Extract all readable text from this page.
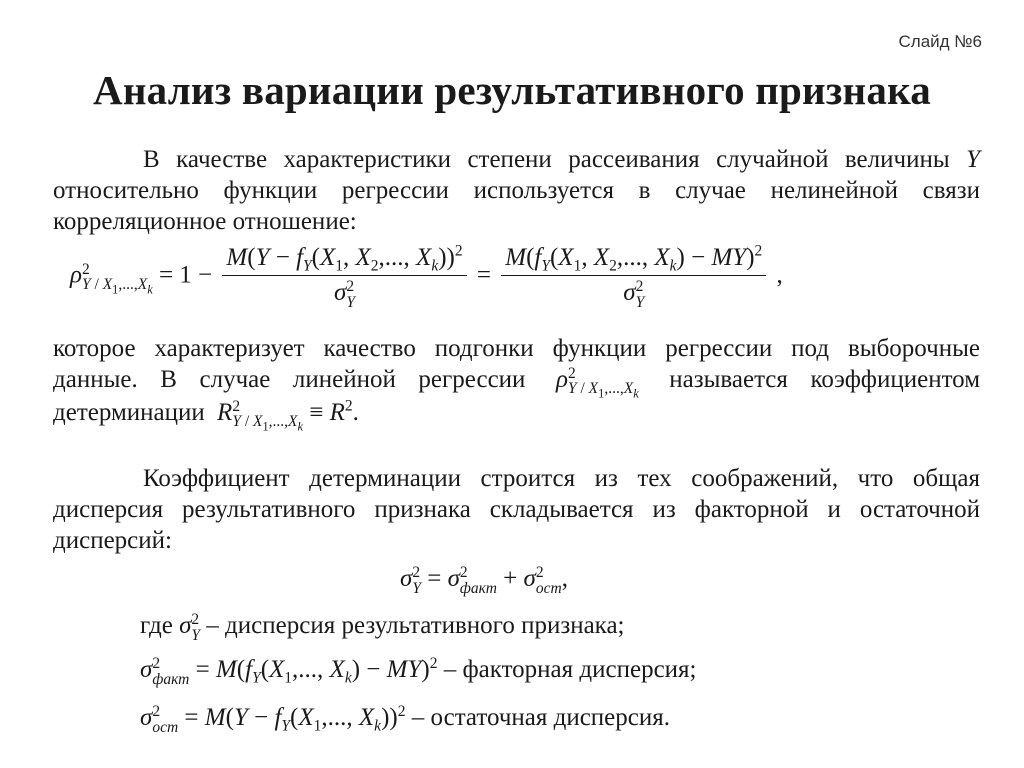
Слайд №6
Анализ вариации результативного признака
В качестве характеристики степени рассеивания случайной величины Y относительно функции регрессии используется в случае нелинейной связи корреляционное отношение:
ρ 2
Y / $X_1,...,X_k$
= $1 - M(Y - f_Y(X_1$, $X_2$,..., $X_k))^2$
σ 2
$Y = M(f_Y(X_1$, $X_2$,..., $X_k) - MY)^2$
σ 2
Y ,
которое характеризует качество подгонки функции регрессии под выборочные данные. В случае линейной регрессии ρ 2
Y / $X_1,...,X_k$
называется коэффициентом детерминации R 2
Y / $X_1,...,X_k$
≡ $R^2$.
Коэффициент детерминации строится из тех соображений, что общая дисперсия результативного признака складывается из факторной и остаточной дисперсий:
σ 2
Y = σ 2
факт + σ 2
ост ,
где σ 2
Y – дисперсия результативного признака;
σ 2
факт = $M(f_Y(X_1$,..., $X_k) - MY)^2$ – факторная дисперсия;
σ 2
ост = $M(Y - f_Y(X_1$,..., $X_k))^2$ – остаточная дисперсия.
